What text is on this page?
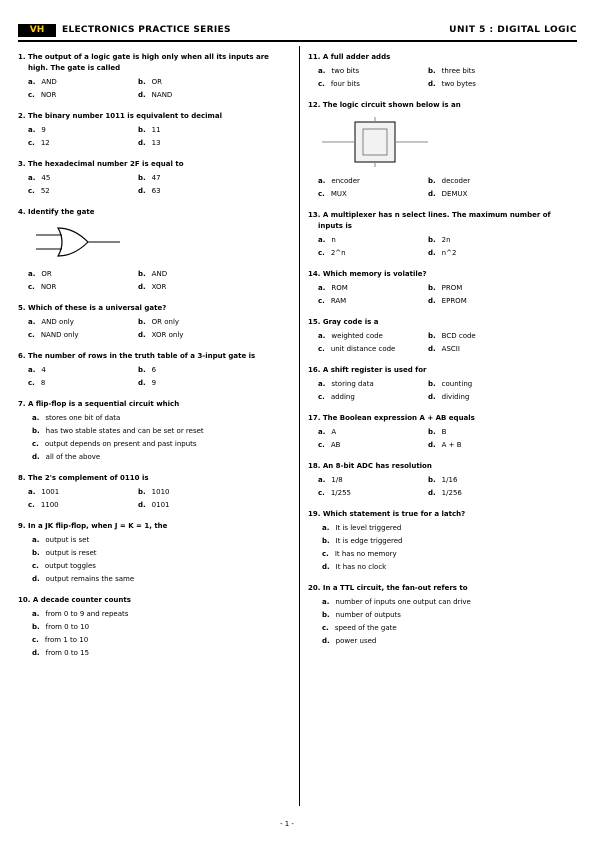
VH	ELECTRONICS PRACTICE SERIES	UNIT 5 : DIGITAL LOGIC
1. The output of a logic gate is high only when all its inputs are high. The gate is called
a. AND	b. OR
c. NOR	d. NAND
2. The binary number 1011 is equivalent to decimal
a. 9	b. 11
c. 12	d. 13
3. The hexadecimal number 2F is equal to
a. 45	b. 47
c. 52	d. 63
4. Identify the gate
a. OR	b. AND
c. NOR	d. XOR
5. Which of these is a universal gate?
a. AND only	b. OR only
c. NAND only	d. XOR only
6. The number of rows in the truth table of a 3-input gate is
a. 4	b. 6
c. 8	d. 9
7. A flip-flop is a sequential circuit which
a. stores one bit of data
b. has two stable states and can be set or reset
c. output depends on present and past inputs
d. all of the above
8. The 2's complement of 0110 is
a. 1001	b. 1010
c. 1100	d. 0101
9. In a JK flip-flop, when J = K = 1, the
a. output is set
b. output is reset
c. output toggles
d. output remains the same
10. A decade counter counts
a. from 0 to 9 and repeats
b. from 0 to 10
c. from 1 to 10
d. from 0 to 15
11. A full adder adds
a. two bits	b. three bits
c. four bits	d. two bytes
12. The logic circuit shown below is an
a. encoder	b. decoder
c. MUX	d. DEMUX
13. A multiplexer has n select lines. The maximum number of inputs is
a. n	b. 2n
c. 2^n	d. n^2
14. Which memory is volatile?
a. ROM	b. PROM
c. RAM	d. EPROM
15. Gray code is a
a. weighted code	b. BCD code
c. unit distance code	d. ASCII
16. A shift register is used for
a. storing data	b. counting
c. adding	d. dividing
17. The Boolean expression A + AB equals
a. A	b. B
c. AB	d. A + B
18. An 8-bit ADC has resolution
a. 1/8	b. 1/16
c. 1/255	d. 1/256
19. Which statement is true for a latch?
a. It is level triggered
b. It is edge triggered
c. It has no memory
d. It has no clock
20. In a TTL circuit, the fan-out refers to
a. number of inputs one output can drive
b. number of outputs
c. speed of the gate
d. power used
- 1 -
